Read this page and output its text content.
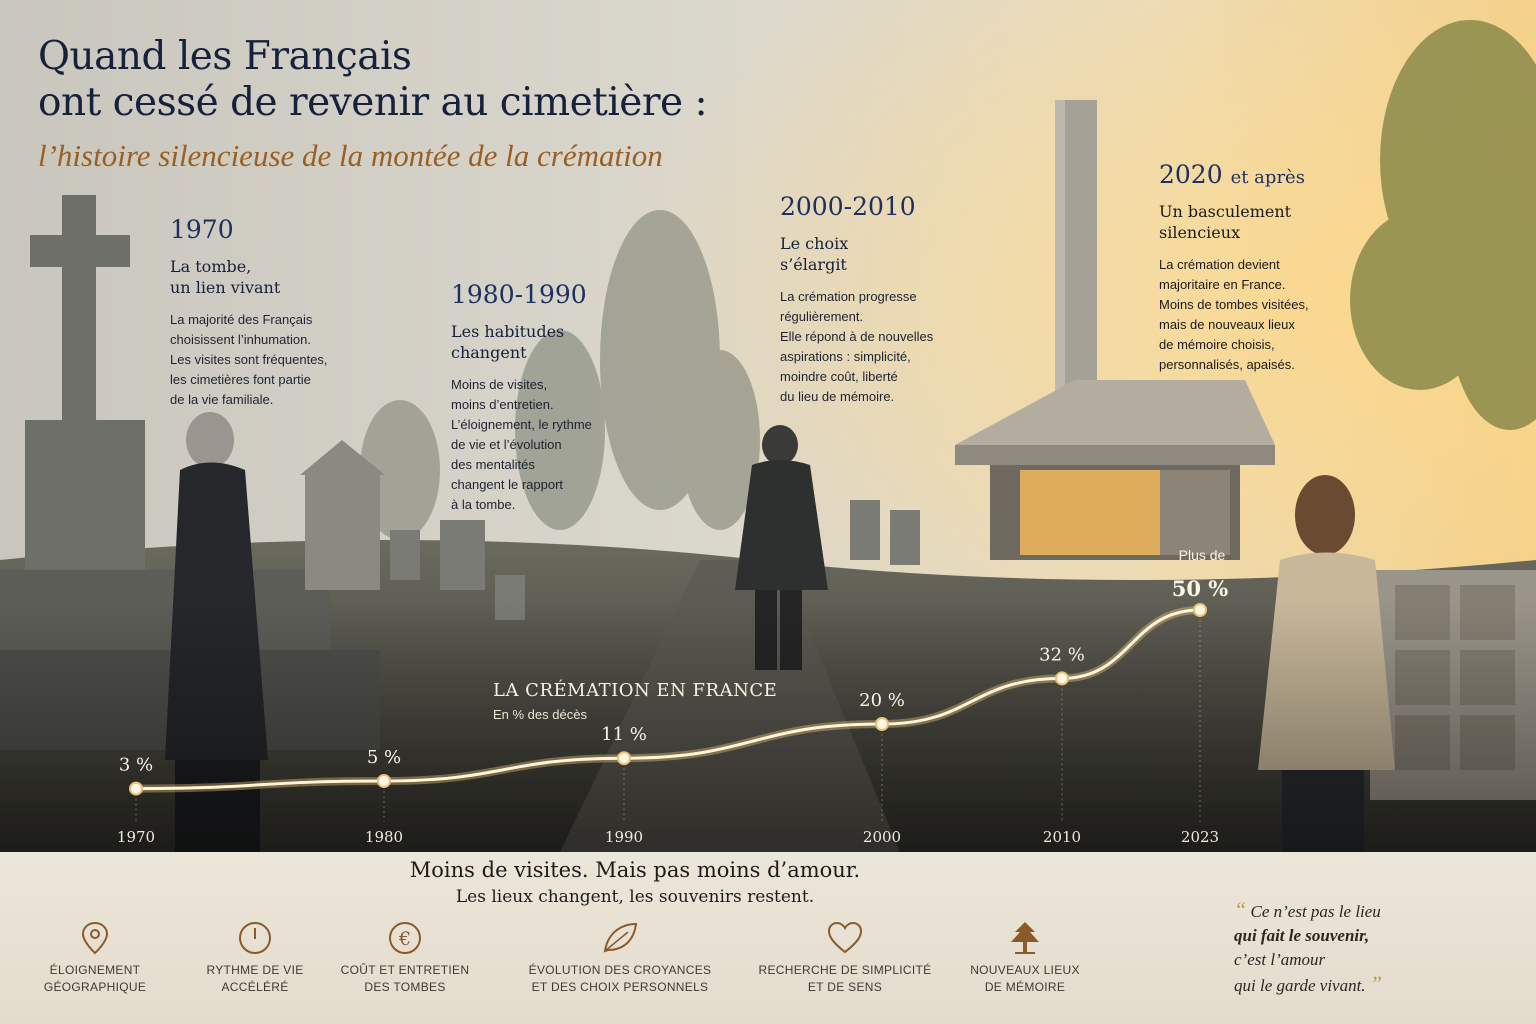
Quand les Français
ont cessé de revenir au cimetière :
l’histoire silencieuse de la montée de la crémation
1970
La tombe,
un lien vivant
La majorité des Français
choisissent l’inhumation.
Les visites sont fréquentes,
les cimetières font partie
de la vie familiale.
1980-1990
Les habitudes
changent
Moins de visites,
moins d’entretien.
L’éloignement, le rythme
de vie et l’évolution
des mentalités
changent le rapport
à la tombe.
2000-2010
Le choix
s’élargit
La crémation progresse
régulièrement.
Elle répond à de nouvelles
aspirations : simplicité,
moindre coût, liberté
du lieu de mémoire.
2020 et après
Un basculement
silencieux
La crémation devient
majoritaire en France.
Moins de tombes visitées,
mais de nouveaux lieux
de mémoire choisis,
personnalisés, apaisés.
3 %
1970
5 %
1980
11 %
1990
20 %
2000
32 %
2010
50 %
2023
Plus de
LA CRÉMATION EN FRANCE
En % des décès
Moins de visites. Mais pas moins d’amour.
Les lieux changent, les souvenirs restent.
ÉLOIGNEMENT
GÉOGRAPHIQUE
RYTHME DE VIE
ACCÉLÉRÉ
€
COÛT ET ENTRETIEN
DES TOMBES
ÉVOLUTION DES CROYANCES
ET DES CHOIX PERSONNELS
RECHERCHE DE SIMPLICITÉ
ET DE SENS
NOUVEAUX LIEUX
DE MÉMOIRE
“ Ce n’est pas le lieu
qui fait le souvenir,
c’est l’amour
qui le garde vivant. ”
